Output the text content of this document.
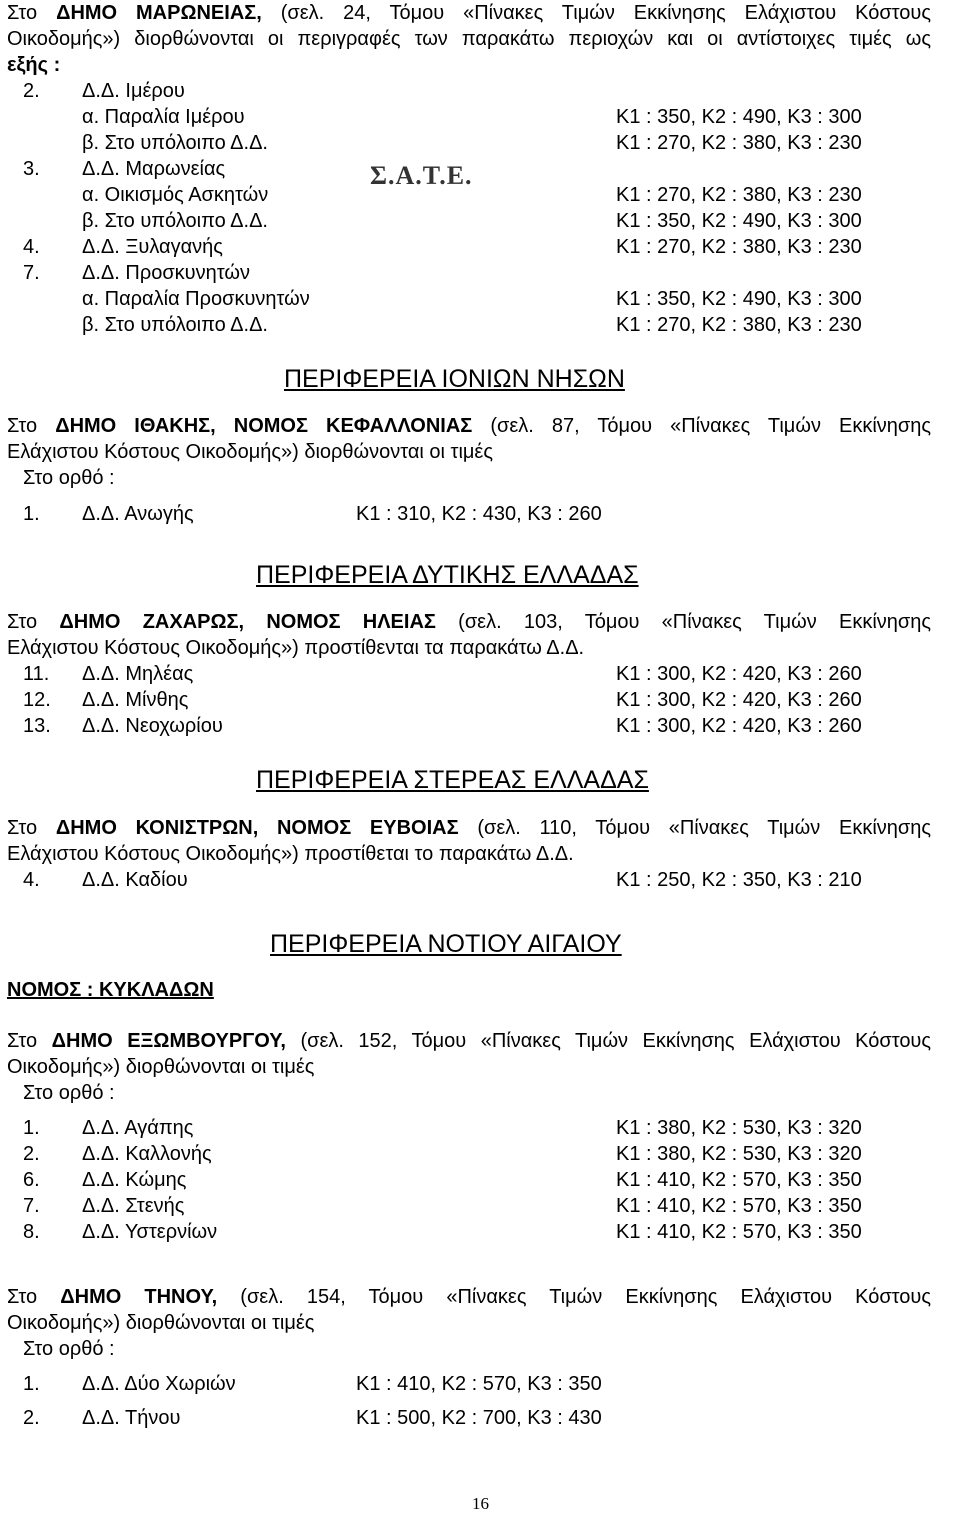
Στο ΔΗΜΟ ΜΑΡΩΝΕΙΑΣ, (σελ. 24, Τόμου «Πίνακες Τιμών Εκκίνησης Ελάχιστου Κόστους
Οικοδομής») διορθώνονται οι περιγραφές των παρακάτω περιοχών και οι αντίστοιχες τιμές ως
εξής :
2. Δ.Δ. Ιμέρου
α. Παραλία Ιμέρου	Κ1 : 350, Κ2 : 490, Κ3 : 300
β. Στο υπόλοιπο Δ.Δ.	Κ1 : 270, Κ2 : 380, Κ3 : 230
3. Δ.Δ. Μαρωνείας
α. Οικισμός Ασκητών	Κ1 : 270, Κ2 : 380, Κ3 : 230
β. Στο υπόλοιπο Δ.Δ.	Κ1 : 350, Κ2 : 490, Κ3 : 300
4. Δ.Δ. Ξυλαγανής	Κ1 : 270, Κ2 : 380, Κ3 : 230
7. Δ.Δ. Προσκυνητών
α. Παραλία Προσκυνητών	Κ1 : 350, Κ2 : 490, Κ3 : 300
β. Στο υπόλοιπο Δ.Δ.	Κ1 : 270, Κ2 : 380, Κ3 : 230
Σ.Α.Τ.Ε.
ΠΕΡΙΦΕΡΕΙΑ ΙΟΝΙΩΝ ΝΗΣΩΝ
Στο ΔΗΜΟ ΙΘΑΚΗΣ, ΝΟΜΟΣ ΚΕΦΑΛΛΟΝΙΑΣ (σελ. 87, Τόμου «Πίνακες Τιμών Εκκίνησης
Ελάχιστου Κόστους Οικοδομής») διορθώνονται οι τιμές
Στο ορθό :
1. Δ.Δ. Ανωγής	Κ1 : 310, Κ2 : 430, Κ3 : 260
ΠΕΡΙΦΕΡΕΙΑ ΔΥΤΙΚΗΣ ΕΛΛΑΔΑΣ
Στο ΔΗΜΟ ΖΑΧΑΡΩΣ, ΝΟΜΟΣ ΗΛΕΙΑΣ (σελ. 103, Τόμου «Πίνακες Τιμών Εκκίνησης
Ελάχιστου Κόστους Οικοδομής») προστίθενται τα παρακάτω Δ.Δ.
11. Δ.Δ. Μηλέας	Κ1 : 300, Κ2 : 420, Κ3 : 260
12. Δ.Δ. Μίνθης	Κ1 : 300, Κ2 : 420, Κ3 : 260
13. Δ.Δ. Νεοχωρίου	Κ1 : 300, Κ2 : 420, Κ3 : 260
ΠΕΡΙΦΕΡΕΙΑ ΣΤΕΡΕΑΣ ΕΛΛΑΔΑΣ
Στο ΔΗΜΟ ΚΟΝΙΣΤΡΩΝ, ΝΟΜΟΣ ΕΥΒΟΙΑΣ (σελ. 110, Τόμου «Πίνακες Τιμών Εκκίνησης
Ελάχιστου Κόστους Οικοδομής») προστίθεται το παρακάτω Δ.Δ.
4. Δ.Δ. Καδίου	Κ1 : 250, Κ2 : 350, Κ3 : 210
ΠΕΡΙΦΕΡΕΙΑ ΝΟΤΙΟΥ ΑΙΓΑΙΟΥ
ΝΟΜΟΣ : ΚΥΚΛΑΔΩΝ
Στο ΔΗΜΟ ΕΞΩΜΒΟΥΡΓΟΥ, (σελ. 152, Τόμου «Πίνακες Τιμών Εκκίνησης Ελάχιστου Κόστους
Οικοδομής») διορθώνονται οι τιμές
Στο ορθό :
1. Δ.Δ. Αγάπης	Κ1 : 380, Κ2 : 530, Κ3 : 320
2. Δ.Δ. Καλλονής	Κ1 : 380, Κ2 : 530, Κ3 : 320
6. Δ.Δ. Κώμης	Κ1 : 410, Κ2 : 570, Κ3 : 350
7. Δ.Δ. Στενής	Κ1 : 410, Κ2 : 570, Κ3 : 350
8. Δ.Δ. Υστερνίων	Κ1 : 410, Κ2 : 570, Κ3 : 350
Στο ΔΗΜΟ ΤΗΝΟΥ, (σελ. 154, Τόμου «Πίνακες Τιμών Εκκίνησης Ελάχιστου Κόστους
Οικοδομής») διορθώνονται οι τιμές
Στο ορθό :
1. Δ.Δ. Δύο Χωριών	Κ1 : 410, Κ2 : 570, Κ3 : 350
2. Δ.Δ. Τήνου	Κ1 : 500, Κ2 : 700, Κ3 : 430
16
